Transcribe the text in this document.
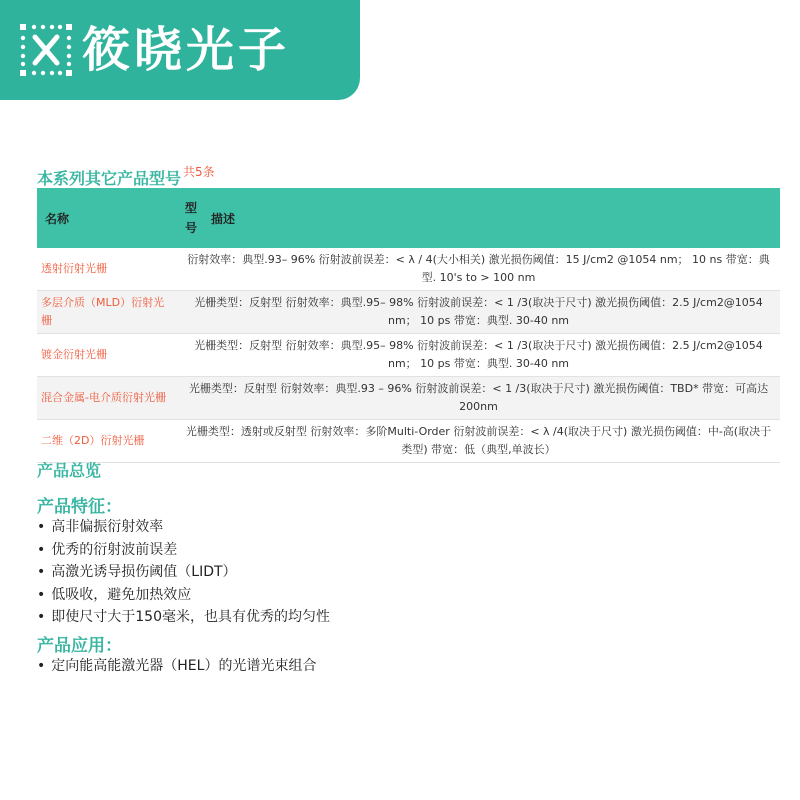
筱晓光子
本系列其它产品型号 共5条
名称	型号	描述
透射衍射光栅	衍射效率：典型.93– 96% 衍射波前误差：< λ / 4(大小相关) 激光损伤阈值：15 J/cm2 @1054 nm； 10 ns 带宽：典型. 10's to > 100 nm	
多层介质（MLD）衍射光栅	光栅类型：反射型 衍射效率：典型.95– 98% 衍射波前误差：< 1 /3(取决于尺寸) 激光损伤阈值：2.5 J/cm2@1054 nm； 10 ps 带宽：典型. 30-40 nm	
镀金衍射光栅	光栅类型：反射型 衍射效率：典型.95– 98% 衍射波前误差：< 1 /3(取决于尺寸) 激光损伤阈值：2.5 J/cm2@1054 nm； 10 ps 带宽：典型. 30-40 nm	
混合金属-电介质衍射光栅	光栅类型：反射型 衍射效率：典型.93 – 96% 衍射波前误差：< 1 /3(取决于尺寸) 激光损伤阈值：TBD* 带宽：可高达200nm	
二维（2D）衍射光栅	光栅类型：透射或反射型 衍射效率：多阶Multi-Order 衍射波前误差：< λ /4(取决于尺寸) 激光损伤阈值：中-高(取决于类型) 带宽：低（典型,单波长）	
产品总览
产品特征：
• 高非偏振衍射效率
• 优秀的衍射波前误差
• 高激光诱导损伤阈值（LIDT）
• 低吸收，避免加热效应
• 即使尺寸大于150毫米，也具有优秀的均匀性
产品应用：
• 定向能高能激光器（HEL）的光谱光束组合
